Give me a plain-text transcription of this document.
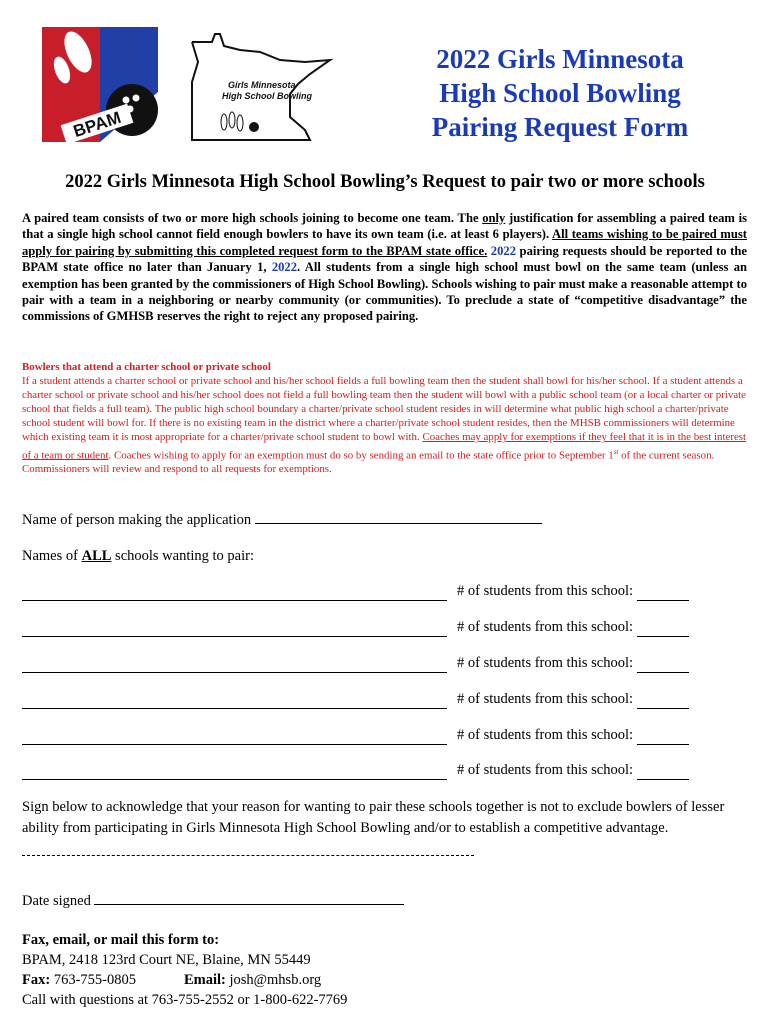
BPAM
Girls Minnesota
High School Bowling
2022 Girls Minnesota
High School Bowling
Pairing Request Form
2022 Girls Minnesota High School Bowling’s Request to pair two or more schools
A paired team consists of two or more high schools joining to become one team. The only justification for assembling a paired team is that a single high school cannot field enough bowlers to have its own team (i.e. at least 6 players). All teams wishing to be paired must apply for pairing by submitting this completed request form to the BPAM state office. 2022 pairing requests should be reported to the BPAM state office no later than January 1, 2022. All students from a single high school must bowl on the same team (unless an exemption has been granted by the commissioners of High School Bowling). Schools wishing to pair must make a reasonable attempt to pair with a team in a neighboring or nearby community (or communities). To preclude a state of “competitive disadvantage” the commissions of GMHSB reserves the right to reject any proposed pairing.
Bowlers that attend a charter school or private school
If a student attends a charter school or private school and his/her school fields a full bowling team then the student shall bowl for his/her school. If a student attends a charter school or private school and his/her school does not field a full bowling team then the student will bowl with a public school team (or a local charter or private school that fields a full team). The public high school boundary a charter/private school student resides in will determine what public high school a charter/private school student will bowl for. If there is no existing team in the district where a charter/private school student resides, then the MHSB commissioners will determine which existing team it is most appropriate for a charter/private school student to bowl with. Coaches may apply for exemptions if they feel that it is in the best interest of a team or student. Coaches wishing to apply for an exemption must do so by sending an email to the state office prior to September 1st of the current season. Commissioners will review and respond to all requests for exemptions.
Name of person making the application
Names of ALL schools wanting to pair:
# of students from this school:
# of students from this school:
# of students from this school:
# of students from this school:
# of students from this school:
# of students from this school:
Sign below to acknowledge that your reason for wanting to pair these schools together is not to exclude bowlers of lesser ability from participating in Girls Minnesota High School Bowling and/or to establish a competitive advantage.
Date signed
Fax, email, or mail this form to:
BPAM, 2418 123rd Court NE, Blaine, MN 55449
Fax: 763-755-0805	Email: josh@mhsb.org
Call with questions at 763-755-2552 or 1-800-622-7769
